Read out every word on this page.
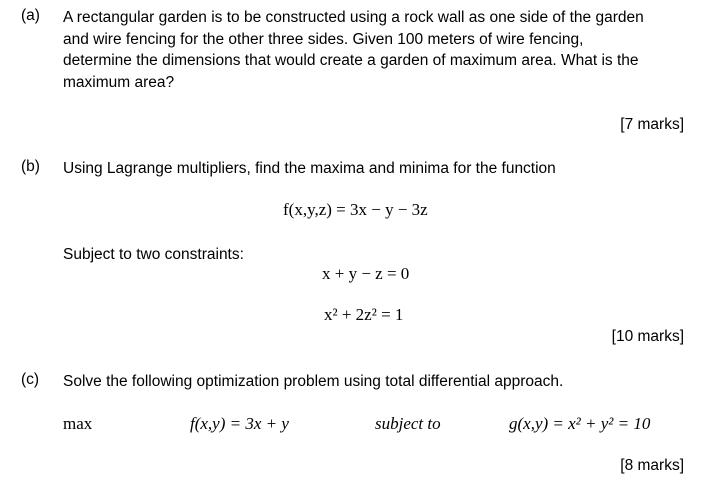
(a) A rectangular garden is to be constructed using a rock wall as one side of the garden
and wire fencing for the other three sides. Given 100 meters of wire fencing,
determine the dimensions that would create a garden of maximum area. What is the
maximum area?
[7 marks]
(b) Using Lagrange multipliers, find the maxima and minima for the function
f(x,y,z) = 3x − y − 3z
Subject to two constraints:
x + y − z = 0
x² + 2z² = 1
[10 marks]
(c) Solve the following optimization problem using total differential approach.
max	f(x,y) = 3x + y	subject to	g(x,y) = x² + y² = 10
[8 marks]
